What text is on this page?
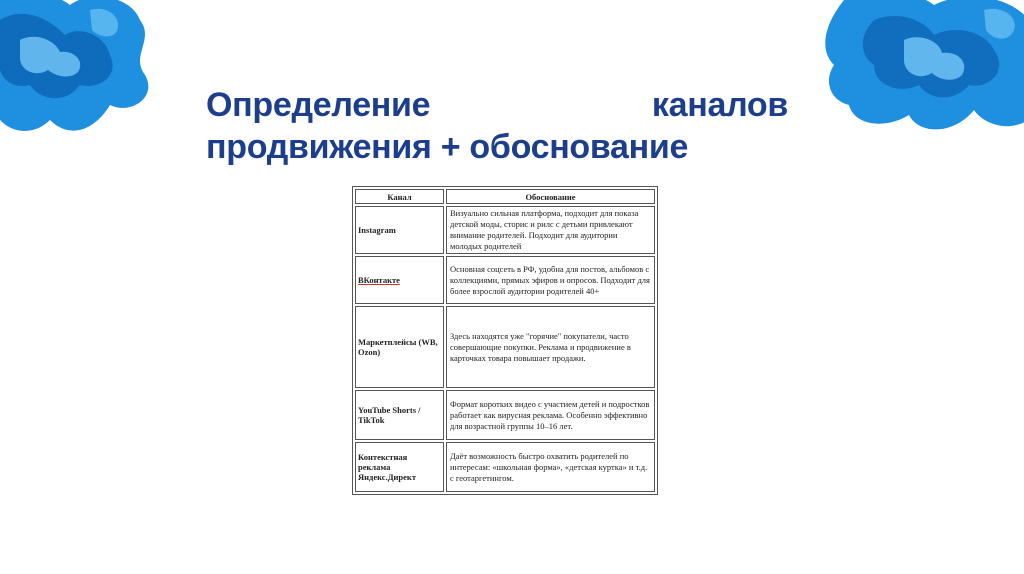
Определение	каналов
продвижения + обоснование
Канал	Обоснование
Instagram	Визуально сильная платформа, подходит для показа детской моды, сторис и рилс с детьми привлекают внимание родителей. Подходит для аудитории молодых родителей
ВКонтакте	Основная соцсеть в РФ, удобна для постов, альбомов с коллекциями, прямых эфиров и опросов. Подходит для более взрослой аудитории родителей 40+
Маркетплейсы (WB, Ozon)	Здесь находятся уже "горячие" покупатели, часто совершающие покупки. Реклама и продвижение в карточках товара повышает продажи.
YouTube Shorts / TikTok	Формат коротких видео с участием детей и подростков работает как вирусная реклама. Особенно эффективно для возрастной группы 10–16 лет.
Контекстная реклама Яндекс.Директ	Даёт возможность быстро охватить родителей по интересам: «школьная форма», «детская куртка» и т.д. с геотаргетингом.
